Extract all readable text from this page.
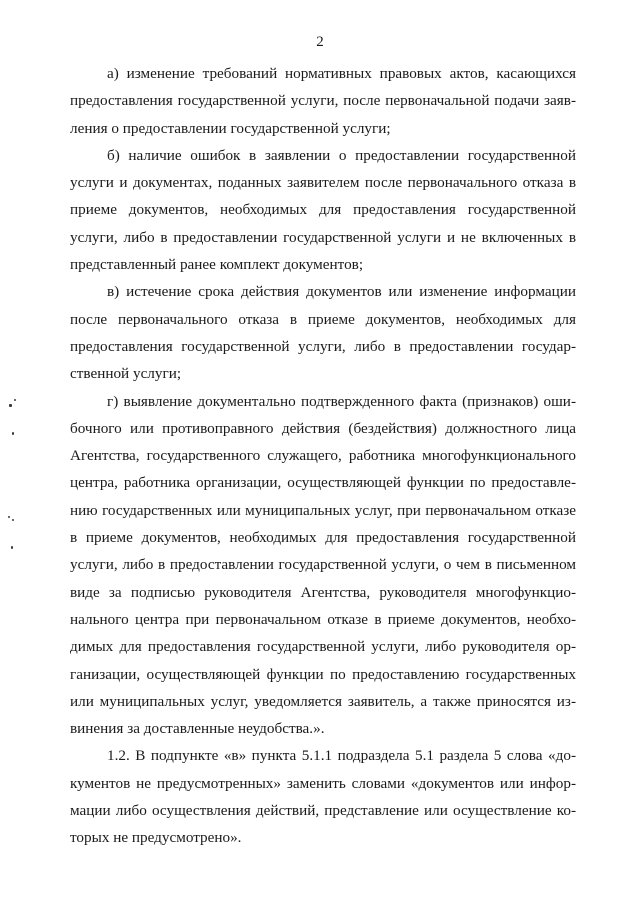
2

а) изменение требований нормативных правовых актов, касающихся предоставления государственной услуги, после первоначальной подачи заявления о предоставлении государственной услуги;

б) наличие ошибок в заявлении о предоставлении государственной услуги и документах, поданных заявителем после первоначального отказа в приеме документов, необходимых для предоставления государственной услуги, либо в предоставлении государственной услуги и не включенных в представленный ранее комплект документов;

в) истечение срока действия документов или изменение информации после первоначального отказа в приеме документов, необходимых для предоставления государственной услуги, либо в предоставлении государственной услуги;

г) выявление документально подтвержденного факта (признаков) ошибочного или противоправного действия (бездействия) должностного лица Агентства, государственного служащего, работника многофункционального центра, работника организации, осуществляющей функции по предоставлению государственных или муниципальных услуг, при первоначальном отказе в приеме документов, необходимых для предоставления государственной услуги, либо в предоставлении государственной услуги, о чем в письменном виде за подписью руководителя Агентства, руководителя многофункционального центра при первоначальном отказе в приеме документов, необходимых для предоставления государственной услуги, либо руководителя организации, осуществляющей функции по предоставлению государственных или муниципальных услуг, уведомляется заявитель, а также приносятся извинения за доставленные неудобства.».

1.2. В подпункте «в» пункта 5.1.1 подраздела 5.1 раздела 5 слова «документов не предусмотренных» заменить словами «документов или информации либо осуществления действий, представление или осуществление которых не предусмотрено».
